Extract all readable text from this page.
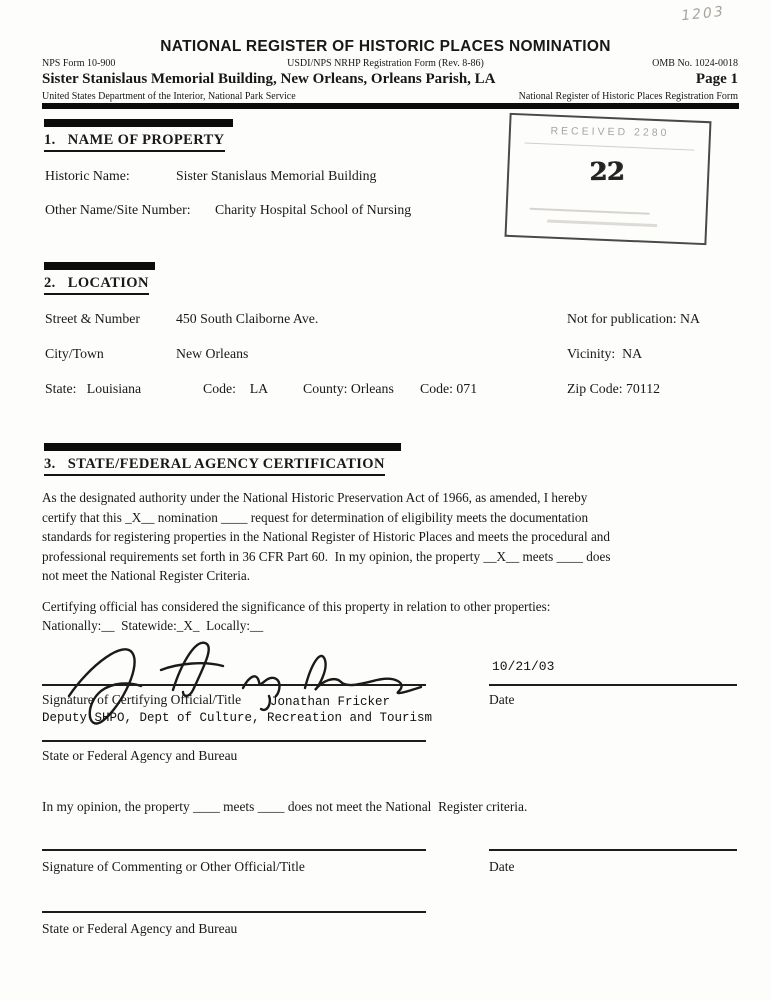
1203
NATIONAL REGISTER OF HISTORIC PLACES NOMINATION
NPS Form 10-900	USDI/NPS NRHP Registration Form (Rev. 8-86)	OMB No. 1024-0018
Sister Stanislaus Memorial Building, New Orleans, Orleans Parish, LA	Page 1
United States Department of the Interior, National Park Service	National Register of Historic Places Registration Form
1.   NAME OF PROPERTY
Historic Name:	Sister Stanislaus Memorial Building
Other Name/Site Number: Charity Hospital School of Nursing
RECEIVED 2280
22
2.   LOCATION
Street & Number	450 South Claiborne Ave.	Not for publication: NA
City/Town	New Orleans	Vicinity:  NA
State:   Louisiana	Code:    LA	County: Orleans Code: 071	Zip Code: 70112
3.   STATE/FEDERAL AGENCY CERTIFICATION
As the designated authority under the National Historic Preservation Act of 1966, as amended, I hereby
certify that this _X__ nomination ____ request for determination of eligibility meets the documentation
standards for registering properties in the National Register of Historic Places and meets the procedural and
professional requirements set forth in 36 CFR Part 60.  In my opinion, the property __X__ meets ____ does
not meet the National Register Criteria.
Certifying official has considered the significance of this property in relation to other properties:
Nationally:__  Statewide:_X_  Locally:__
10/21/03
Signature of Certifying Official/Title Jonathan Fricker	Date
Deputy SHPO, Dept of Culture, Recreation and Tourism
State or Federal Agency and Bureau
In my opinion, the property ____ meets ____ does not meet the National  Register criteria.
Signature of Commenting or Other Official/Title	Date
State or Federal Agency and Bureau
